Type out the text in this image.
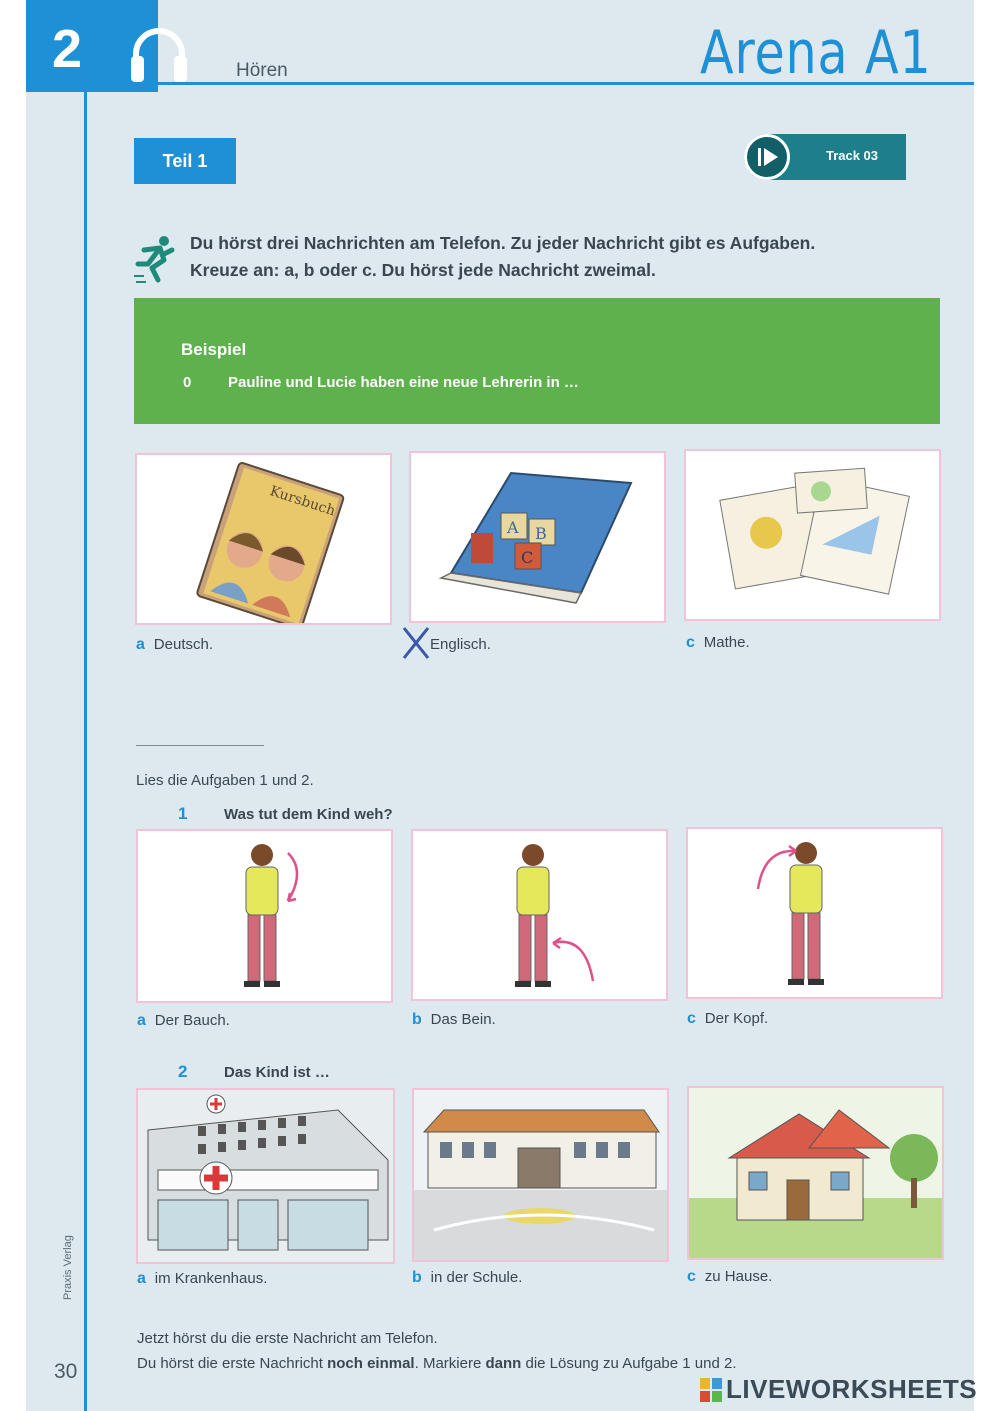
2	Hören	Arena A1
Teil 1	Track 03
Du hörst drei Nachrichten am Telefon. Zu jeder Nachricht gibt es Aufgaben.
Kreuze an: a, b oder c. Du hörst jede Nachricht zweimal.
Beispiel
0 Pauline und Lucie haben eine neue Lehrerin in …
Kursbuch
A B
C
a Deutsch.	Englisch.	c Mathe.
Lies die Aufgaben 1 und 2.
1 Was tut dem Kind weh?
a Der Bauch.	b Das Bein.	c Der Kopf.
2 Das Kind ist …
a im Krankenhaus.	b in der Schule.	c zu Hause.
Jetzt hörst du die erste Nachricht am Telefon.
Du hörst die erste Nachricht noch einmal. Markiere dann die Lösung zu Aufgabe 1 und 2.
30
Praxis Verlag
LIVEWORKSHEETS
